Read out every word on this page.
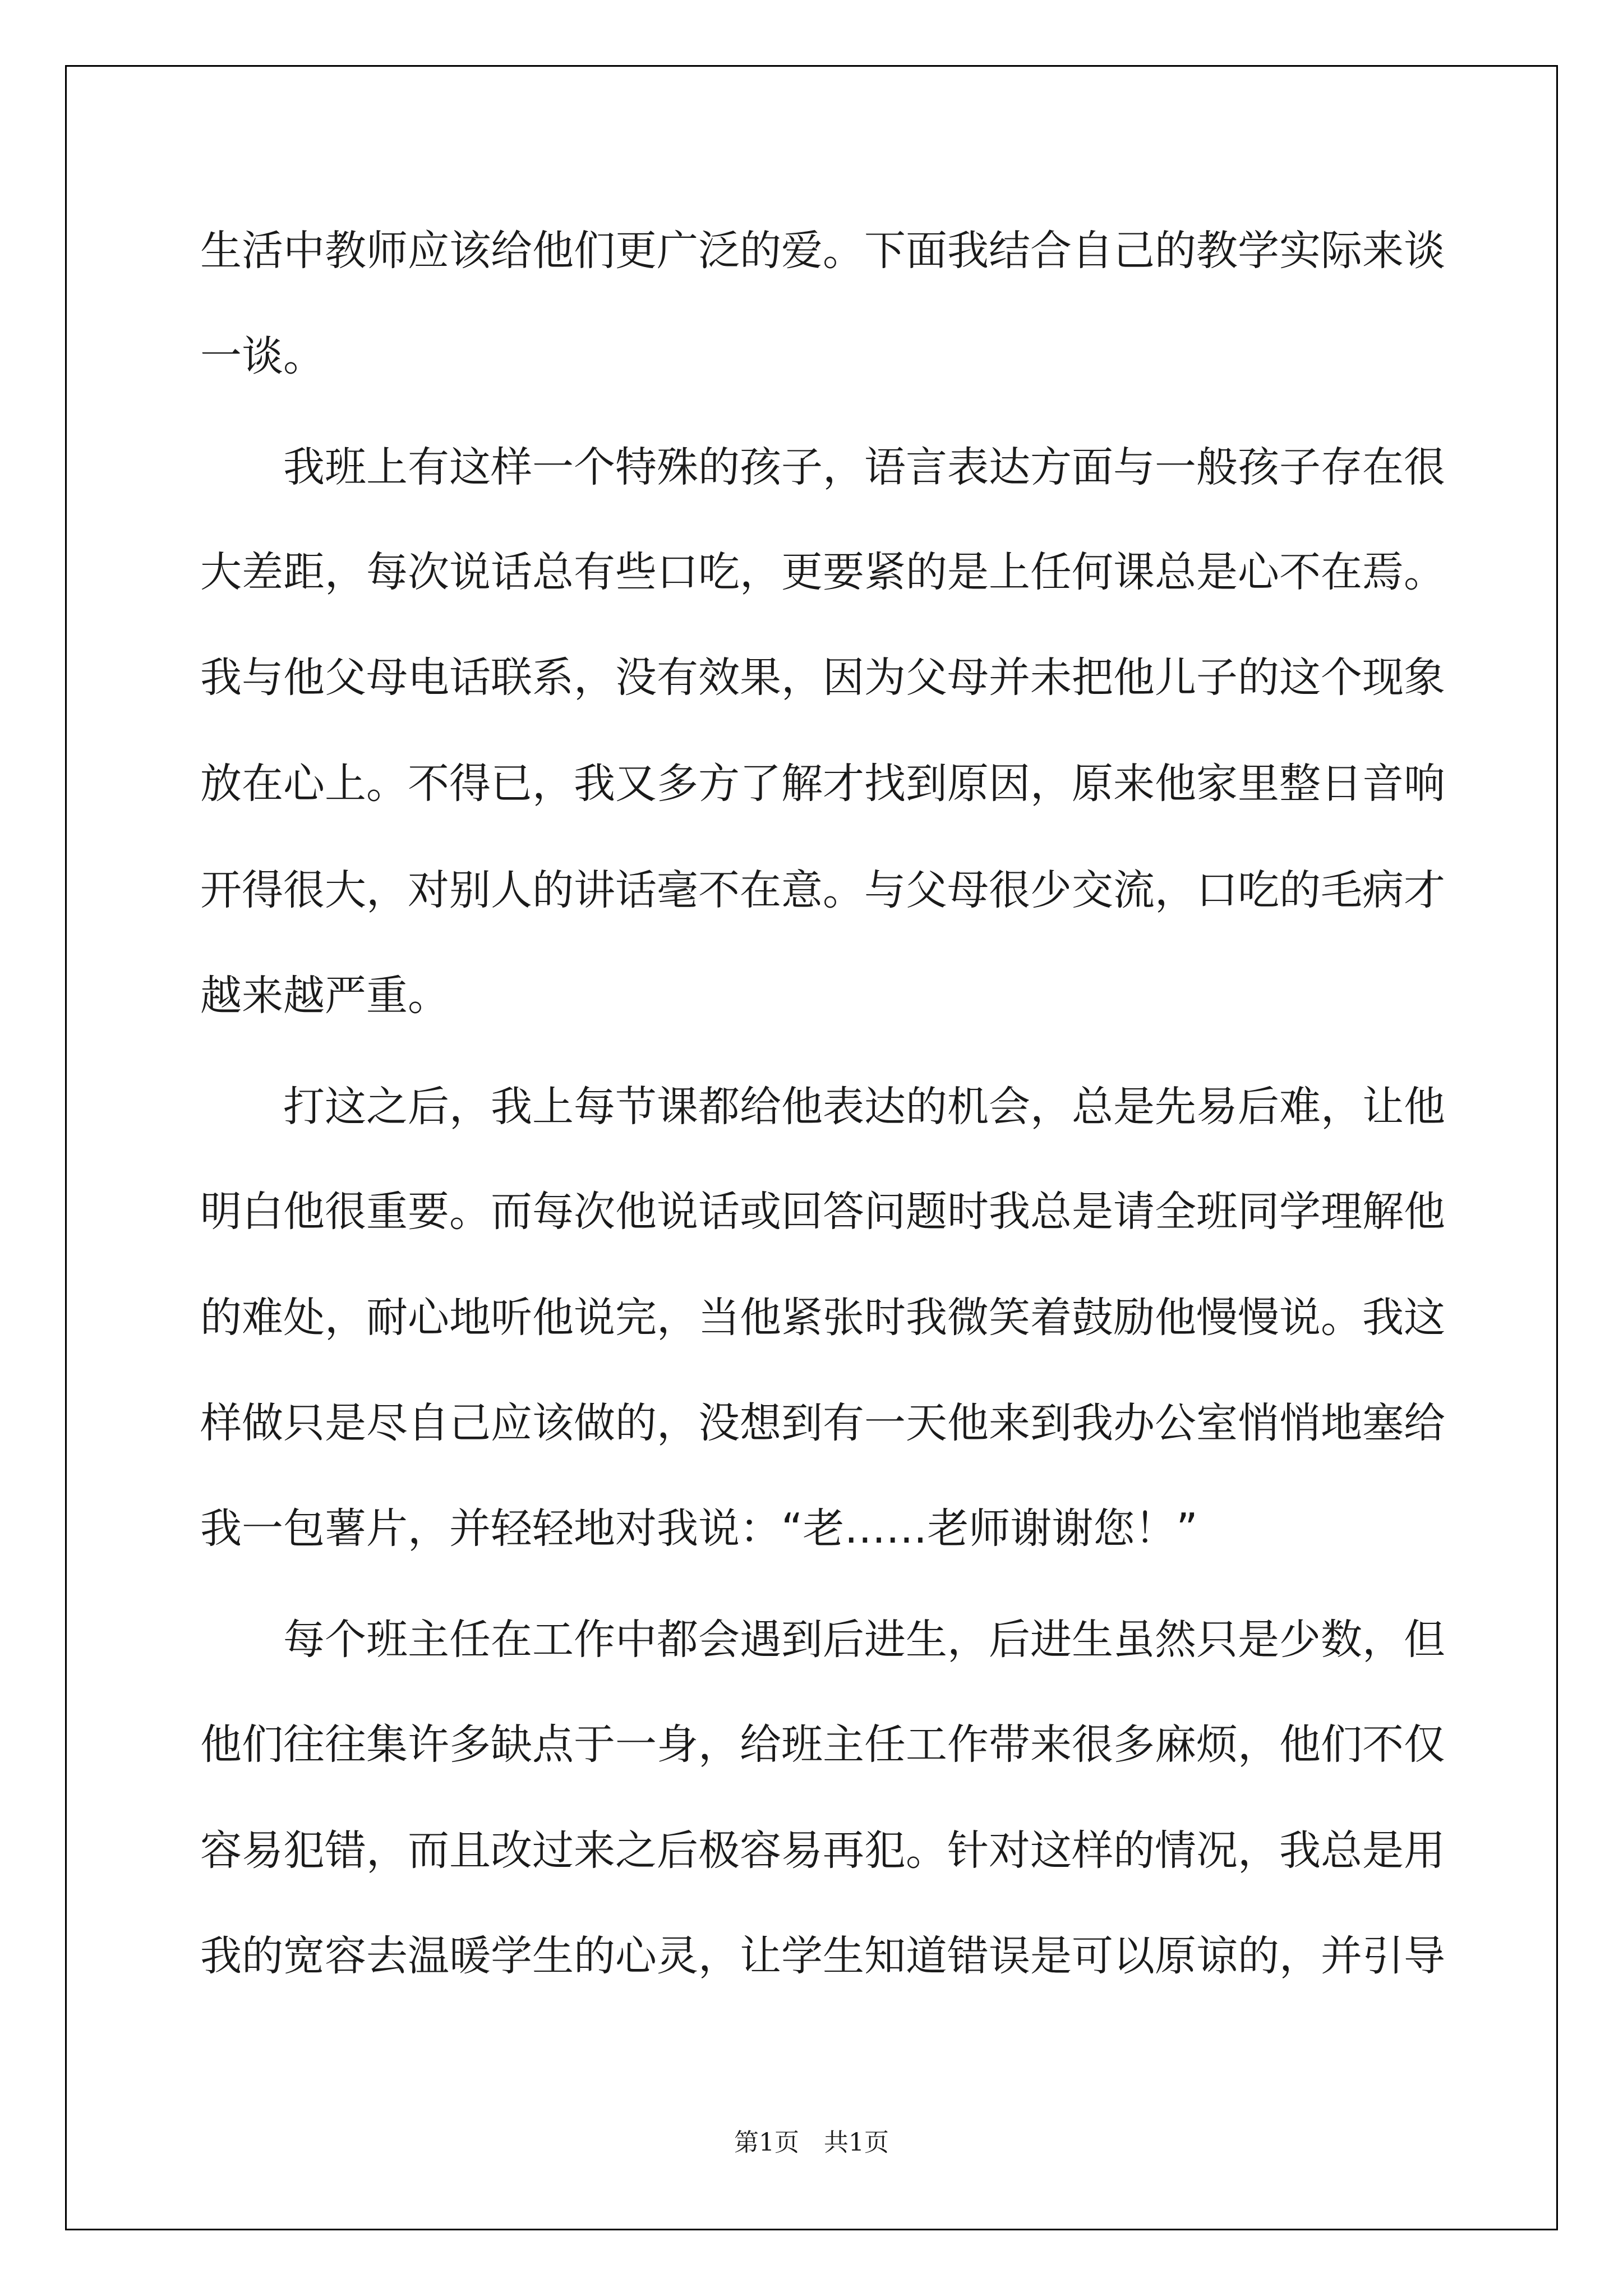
生活中教师应该给他们更广泛的爱。下面我结合自己的教学实际来谈
一谈。
我班上有这样一个特殊的孩子，语言表达方面与一般孩子存在很
大差距，每次说话总有些口吃，更要紧的是上任何课总是心不在焉。
我与他父母电话联系，没有效果，因为父母并未把他儿子的这个现象
放在心上。不得已，我又多方了解才找到原因，原来他家里整日音响
开得很大，对别人的讲话毫不在意。与父母很少交流，口吃的毛病才
越来越严重。
打这之后，我上每节课都给他表达的机会，总是先易后难，让他
明白他很重要。而每次他说话或回答问题时我总是请全班同学理解他
的难处，耐心地听他说完，当他紧张时我微笑着鼓励他慢慢说。我这
样做只是尽自己应该做的，没想到有一天他来到我办公室悄悄地塞给
我一包薯片，并轻轻地对我说：“老……老师谢谢您！”
每个班主任在工作中都会遇到后进生，后进生虽然只是少数，但
他们往往集许多缺点于一身，给班主任工作带来很多麻烦，他们不仅
容易犯错，而且改过来之后极容易再犯。针对这样的情况，我总是用
我的宽容去温暖学生的心灵，让学生知道错误是可以原谅的，并引导
第1页　共1页
